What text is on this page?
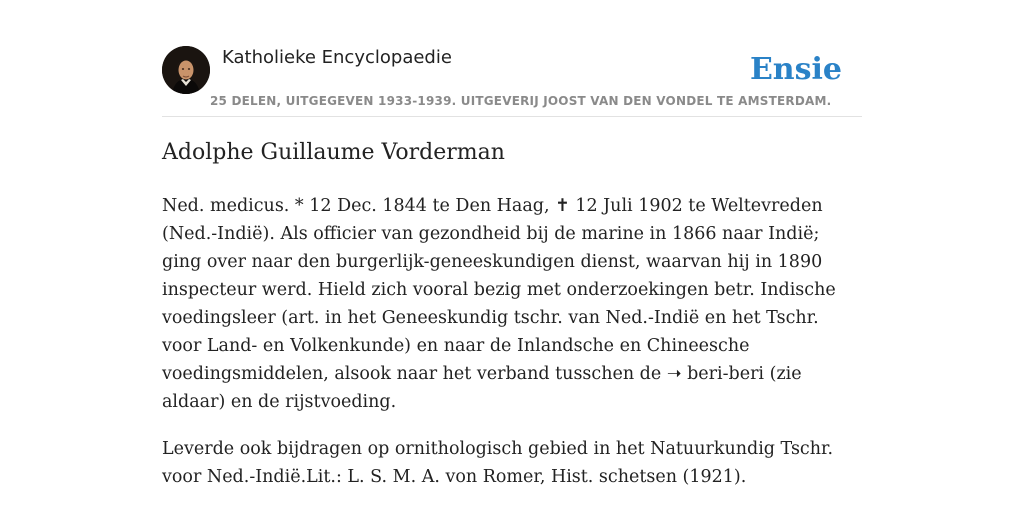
Katholieke Encyclopaedie
25 DELEN, UITGEGEVEN 1933-1939. UITGEVERIJ JOOST VAN DEN VONDEL TE AMSTERDAM.
Ensie
Adolphe Guillaume Vorderman

Ned. medicus. * 12 Dec. 1844 te Den Haag, ✝ 12 Juli 1902 te Weltevreden (Ned.-Indië). Als officier van gezondheid bij de marine in 1866 naar Indië; ging over naar den burgerlijk-geneeskundigen dienst, waarvan hij in 1890 inspecteur werd. Hield zich vooral bezig met onderzoekingen betr. Indische voedingsleer (art. in het Geneeskundig tschr. van Ned.-Indië en het Tschr. voor Land- en Volkenkunde) en naar de Inlandsche en Chineesche voedingsmiddelen, alsook naar het verband tusschen de ➝ beri-beri (zie aldaar) en de rijstvoeding.

Leverde ook bijdragen op ornithologisch gebied in het Natuurkundig Tschr. voor Ned.-Indië.Lit.: L. S. M. A. von Romer, Hist. schetsen (1921).
